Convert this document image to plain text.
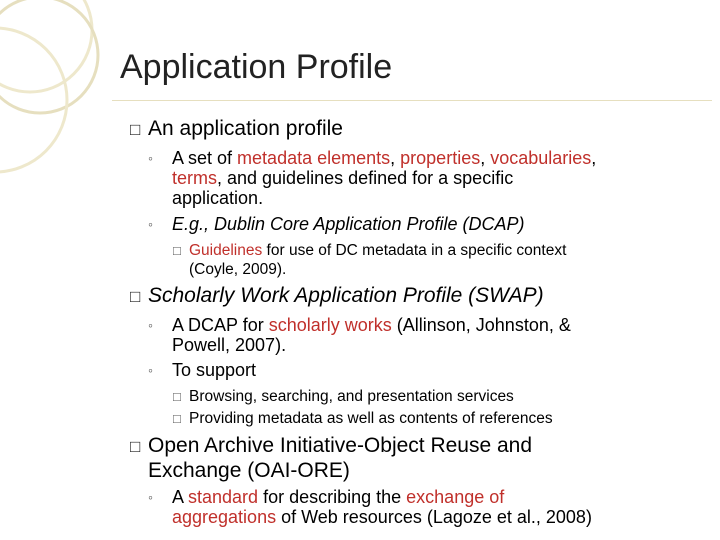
Application Profile
□ An application profile
◦ A set of metadata elements, properties, vocabularies,
terms, and guidelines defined for a specific
application.
◦ E.g., Dublin Core Application Profile (DCAP)
□ Guidelines for use of DC metadata in a specific context
(Coyle, 2009).
□ Scholarly Work Application Profile (SWAP)
◦ A DCAP for scholarly works (Allinson, Johnston, &
Powell, 2007).
◦ To support
□ Browsing, searching, and presentation services
□ Providing metadata as well as contents of references
□ Open Archive Initiative-Object Reuse and
Exchange (OAI-ORE)
◦ A standard for describing the exchange of
aggregations of Web resources (Lagoze et al., 2008)
